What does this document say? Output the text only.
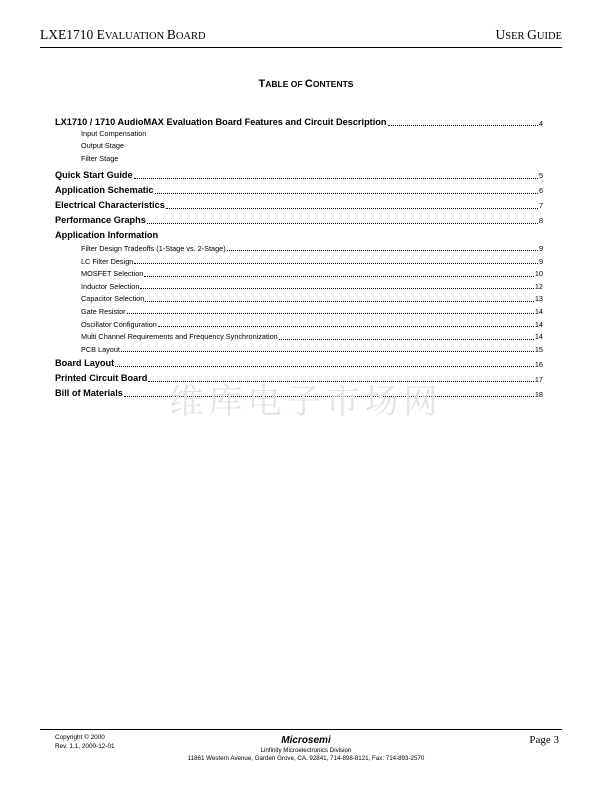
LXE1710 EVALUATION BOARD	USER GUIDE
TABLE OF CONTENTS
LX1710 / 1710 AudioMAX Evaluation Board Features and Circuit Description	4
Input Compensation
Output Stage
Filter Stage
Quick Start Guide	5
Application Schematic	6
Electrical Characteristics	7
Performance Graphs	8
Application Information
Filter Design Tradeoffs (1-Stage vs. 2-Stage)	9
LC Filter Design	9
MOSFET Selection	10
Inductor Selection	12
Capacitor Selection	13
Gate Resistor	14
Oscillator Configuration	14
Multi Channel Requirements and Frequency Synchronization	14
PCB Layout	15
Board Layout	16
Printed Circuit Board	17
Bill of Materials	18
维库电子市场网
Copyright © 2000
Rev. 1.1, 2000-12-01	Microsemi
Linfinity Microelectronics Division
11861 Western Avenue, Garden Grove, CA. 92841, 714-898-8121, Fax: 714-893-2570
Page 3
